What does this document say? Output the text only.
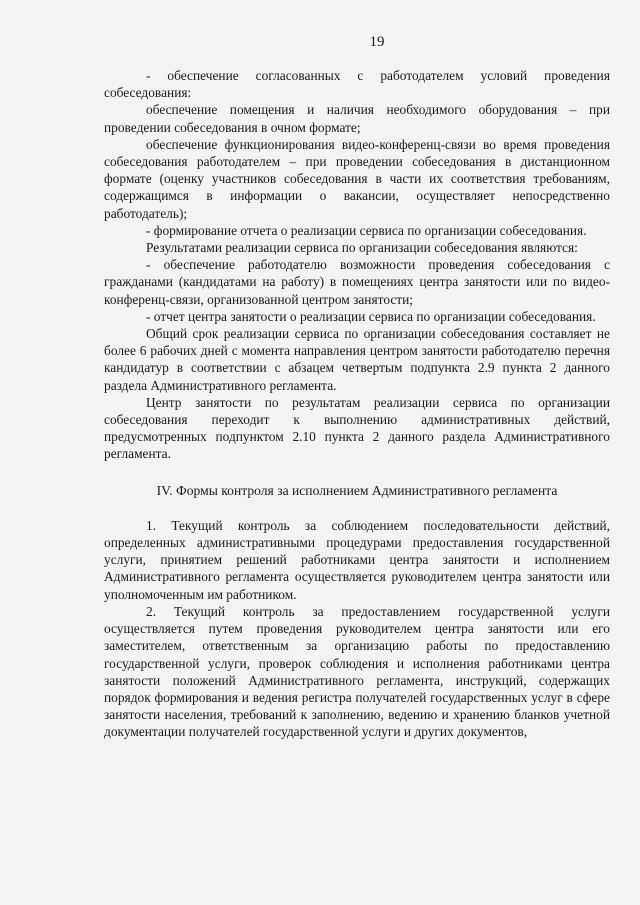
19

- обеспечение согласованных с работодателем условий проведения собеседования:

обеспечение помещения и наличия необходимого оборудования – при проведении собеседования в очном формате;

обеспечение функционирования видео-конференц-связи во время проведения собеседования работодателем – при проведении собеседования в дистанционном формате (оценку участников собеседования в части их соответствия требованиям, содержащимся в информации о вакансии, осуществляет непосредственно работодатель);

- формирование отчета о реализации сервиса по организации собеседования.

Результатами реализации сервиса по организации собеседования являются:

- обеспечение работодателю возможности проведения собеседования с гражданами (кандидатами на работу) в помещениях центра занятости или по видео-конференц-связи, организованной центром занятости;

- отчет центра занятости о реализации сервиса по организации собеседования.

Общий срок реализации сервиса по организации собеседования составляет не более 6 рабочих дней с момента направления центром занятости работодателю перечня кандидатур в соответствии с абзацем четвертым подпункта 2.9 пункта 2 данного раздела Административного регламента.

Центр занятости по результатам реализации сервиса по организации собеседования переходит к выполнению административных действий, предусмотренных подпунктом 2.10 пункта 2 данного раздела Административного регламента.

IV. Формы контроля за исполнением Административного регламента

1. Текущий контроль за соблюдением последовательности действий, определенных административными процедурами предоставления государственной услуги, принятием решений работниками центра занятости и исполнением Административного регламента осуществляется руководителем центра занятости или уполномоченным им работником.

2. Текущий контроль за предоставлением государственной услуги осуществляется путем проведения руководителем центра занятости или его заместителем, ответственным за организацию работы по предоставлению государственной услуги, проверок соблюдения и исполнения работниками центра занятости положений Административного регламента, инструкций, содержащих порядок формирования и ведения регистра получателей государственных услуг в сфере занятости населения, требований к заполнению, ведению и хранению бланков учетной документации получателей государственной услуги и других документов,
